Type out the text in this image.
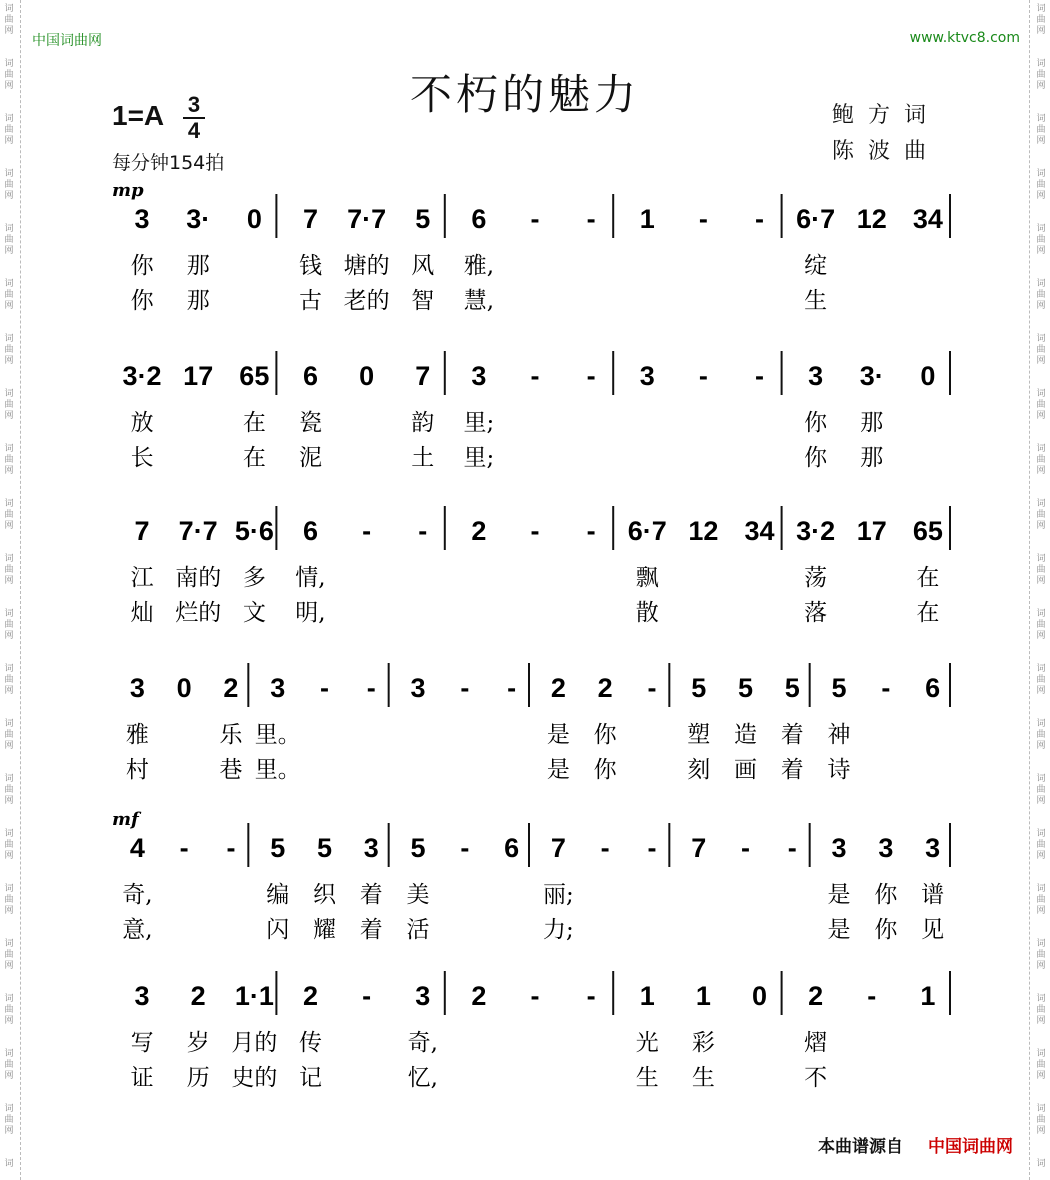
词
曲
网
词
曲
网
词
曲
网
词
曲
网
词
曲
网
词
曲
网
词
曲
网
词
曲
网
词
曲
网
词
曲
网
词
曲
网
词
曲
网
词
曲
网
词
曲
网
词
曲
网
词
曲
网
词
曲
网
词
曲
网
词
曲
网
词
曲
网
词
曲
网
词
词
曲
网
词
曲
网
词
曲
网
词
曲
网
词
曲
网
词
曲
网
词
曲
网
词
曲
网
词
曲
网
词
曲
网
词
曲
网
词
曲
网
词
曲
网
词
曲
网
词
曲
网
词
曲
网
词
曲
网
词
曲
网
词
曲
网
词
曲
网
词
曲
网
词
中国词曲网	www.ktvc8.com
不朽的魅力
1=A 3
4
每分钟154拍
鲍方词
陈波曲
mp
3
你
你
3·
那
那
0 7
钱
古
7·7
塘的
老的
5
风
智
6
雅,
慧,
- - 1 - - 6·7
绽
生
12 34
3·2
放
长
17 65
在
在
6
瓷
泥
0 7
韵
土
3
里;
里;
- - 3 - - 3
你
你
3·
那
那
0
7
江
灿
7·7
南的
烂的
5·6
多
文
6
情,
明,
- - 2 - - 6·7
飘
散
12 34 3·2
荡
落
17 65
在
在
3
雅
村
0 2
乐
巷
3
里。
里。
- - 3 - - 2
是
是
2
你
你
- 5
塑
刻
5
造
画
5
着
着
5
神
诗
- 6
mf
4
奇,
意,
- - 5
编
闪
5
织
耀
3
着
着
5
美
活
- 6 7
丽;
力;
- - 7 - - 3
是
是
3
你
你
3
谱
见
3
写
证
2
岁
历
1·1
月的
史的
2
传
记
- 3
奇,
忆,
2 - - 1
光
生
1
彩
生
0 2
熠
不
- 1
本曲谱源自 中国词曲网
